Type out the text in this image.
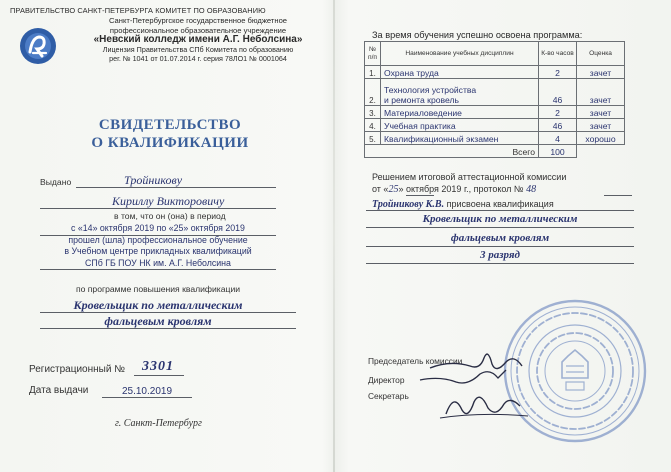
ПРАВИТЕЛЬСТВО САНКТ-ПЕТЕРБУРГА КОМИТЕТ ПО ОБРАЗОВАНИЮ
Санкт-Петербургское государственное бюджетное
профессиональное образовательное учреждение
«Невский колледж имени А.Г. Неболсина»
Лицензия Правительства СПб Комитета по образованию
рег. № 1041 от 01.07.2014 г. серия 78ЛО1 № 0001064
СВИДЕТЕЛЬСТВО
О КВАЛИФИКАЦИИ
Выдано	Тройникову
Кириллу Викторовичу
в том, что он (она) в период
с «14» октября 2019 по «25» октября 2019
прошел (шла) профессиональное обучение
в Учебном центре прикладных квалификаций
СПб ГБ ПОУ НК им. А.Г. Неболсина
по программе повышения квалификации
Кровельщик по металлическим
фальцевым кровлям
Регистрационный № 3301
Дата выдачи	25.10.2019
г. Санкт-Петербург
За время обучения успешно освоена программа:
№ п/п	Наименование учебных дисциплин	К-во часов	Оценка
1.	Охрана труда	2	зачет
2.	Технология устройства
и ремонта кровель	46	зачет
3.	Материаловедение	2	зачет
4.	Учебная практика	46	зачет
5.	Квалификационный экзамен	4	хорошо
Всего		100	
Решением итоговой аттестационной комиссии
от «25» октября 2019 г., протокол № 48
Тройникову К.В. присвоена квалификация
Кровельщик по металлическим
фальцевым кровлям
3 разряд
Председатель комиссии
Директор
Секретарь
